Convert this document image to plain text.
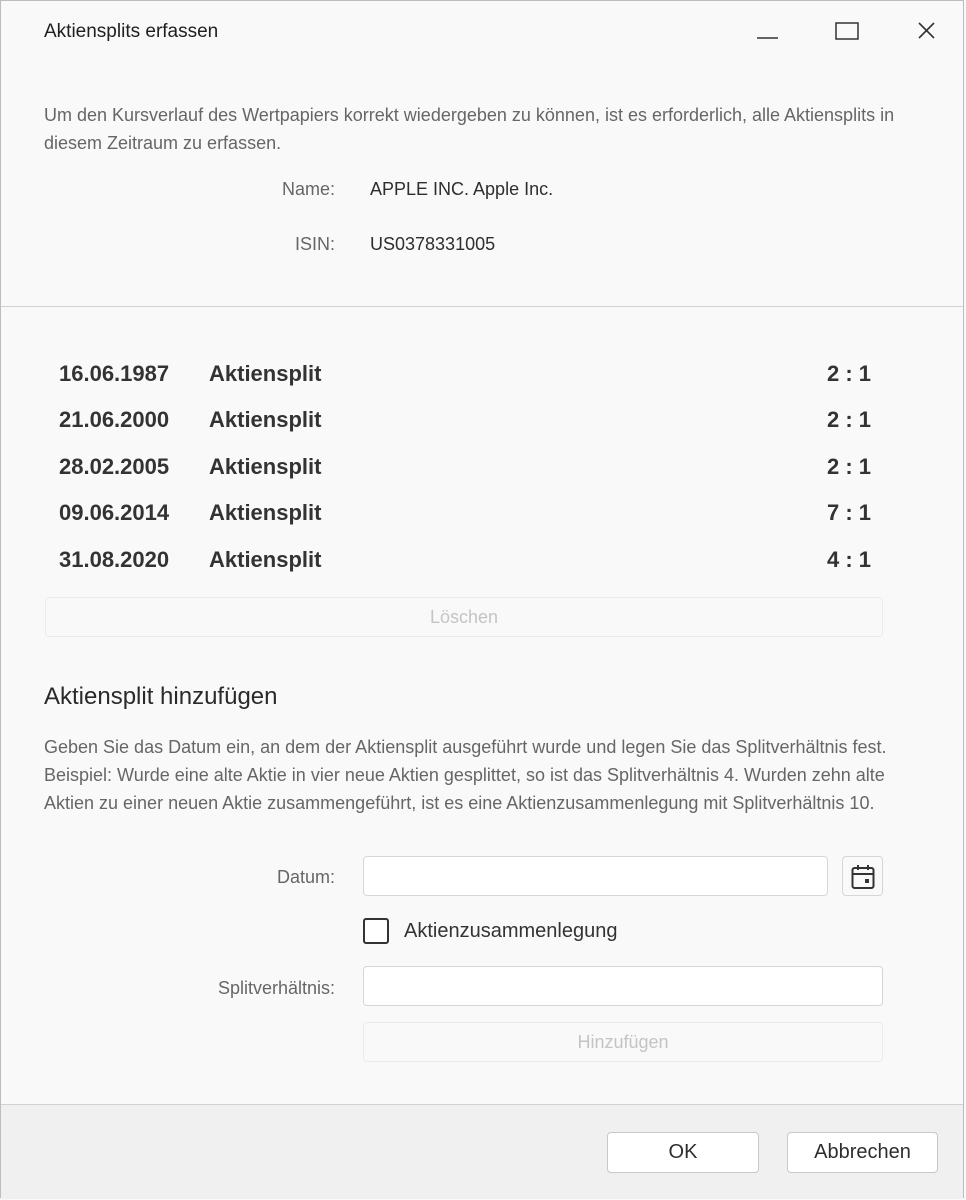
Aktiensplits erfassen
Um den Kursverlauf des Wertpapiers korrekt wiedergeben zu können, ist es erforderlich, alle Aktiensplits in diesem Zeitraum zu erfassen.
Name: APPLE INC. Apple Inc.
ISIN: US0378331005
16.06.1987 Aktiensplit	2 : 1
21.06.2000 Aktiensplit	2 : 1
28.02.2005 Aktiensplit	2 : 1
09.06.2014 Aktiensplit	7 : 1
31.08.2020 Aktiensplit	4 : 1
Löschen
Aktiensplit hinzufügen
Geben Sie das Datum ein, an dem der Aktiensplit ausgeführt wurde und legen Sie das Splitverhältnis fest. Beispiel: Wurde eine alte Aktie in vier neue Aktien gesplittet, so ist das Splitverhältnis 4. Wurden zehn alte Aktien zu einer neuen Aktie zusammengeführt, ist es eine Aktienzusammenlegung mit Splitverhältnis 10.
Datum:
Aktienzusammenlegung
Splitverhältnis:
Hinzufügen
OK	Abbrechen
